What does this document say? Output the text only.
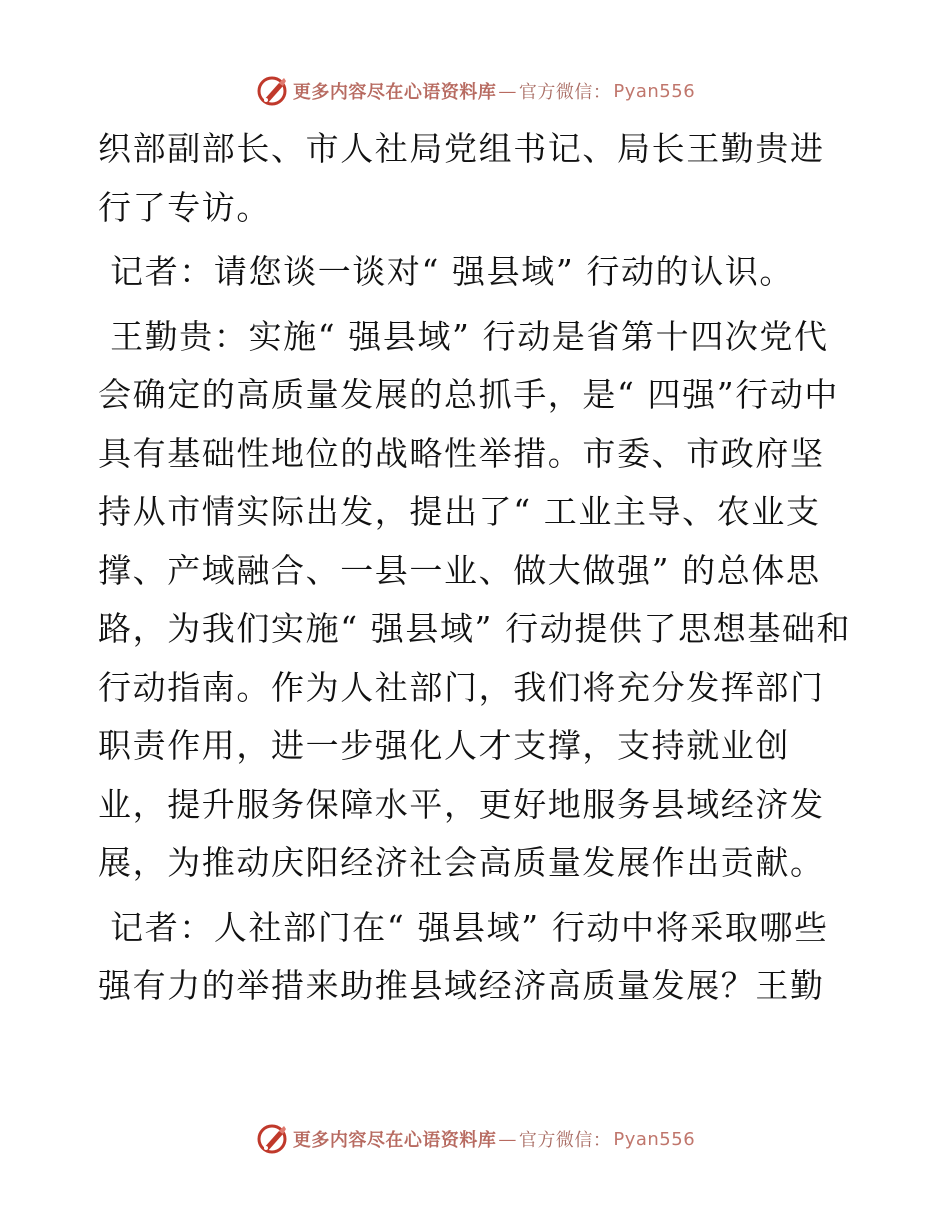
更多内容尽在心语资料库 — 官方微信： Pyan556

织部副部长、市人社局党组书记、局长王勤贵进行了专访。

记者：请您谈一谈对“ 强县域” 行动的认识。

王勤贵：实施“ 强县域” 行动是省第十四次党代会确定的高质量发展的总抓手，是“ 四强”行动中具有基础性地位的战略性举措。市委、市政府坚持从市情实际出发，提出了“ 工业主导、农业支撑、产域融合、一县一业、做大做强” 的总体思路，为我们实施“ 强县域” 行动提供了思想基础和行动指南。作为人社部门，我们将充分发挥部门职责作用，进一步强化人才支撑，支持就业创业，提升服务保障水平，更好地服务县域经济发展，为推动庆阳经济社会高质量发展作出贡献。

记者：人社部门在“ 强县域” 行动中将采取哪些强有力的举措来助推县域经济高质量发展？王勤

更多内容尽在心语资料库 — 官方微信： Pyan556
